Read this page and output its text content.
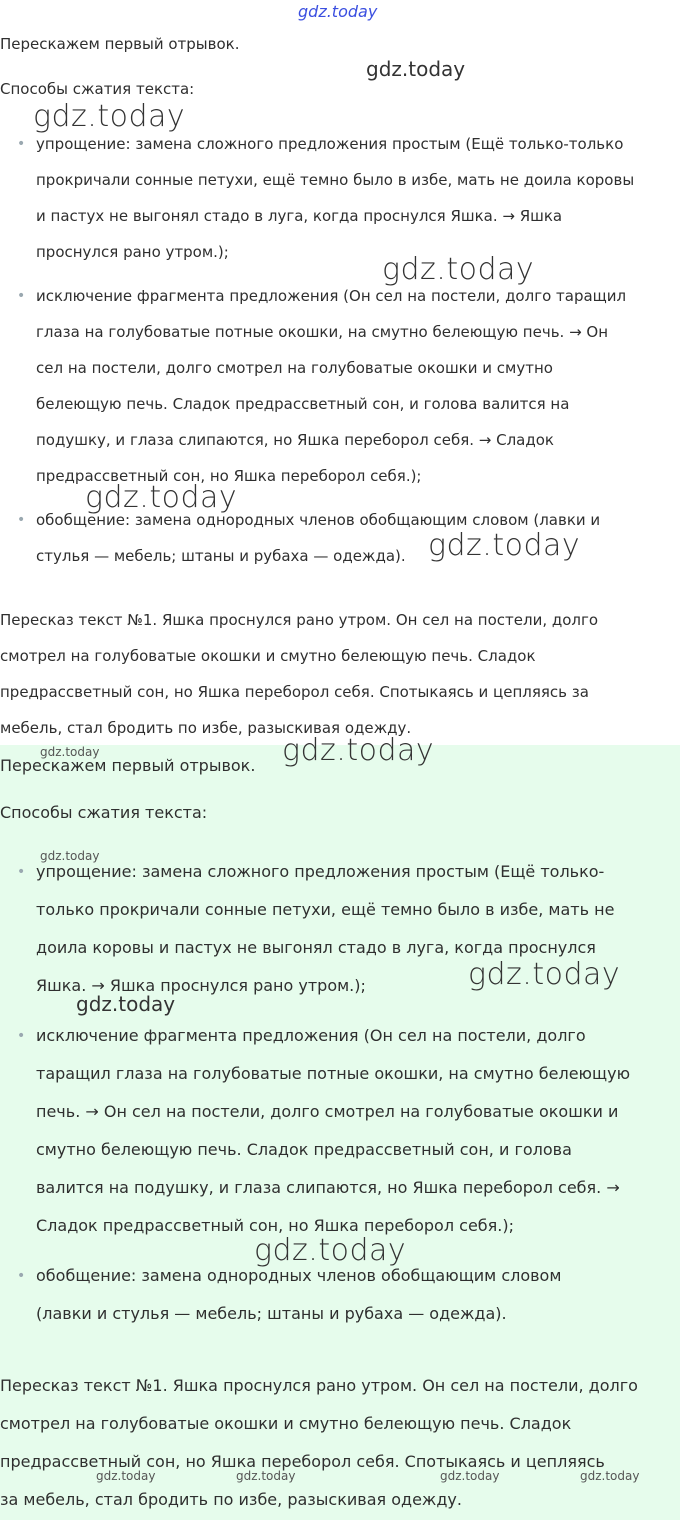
Перескажем первый отрывок.

Способы сжатия текста:

• упрощение: замена сложного предложения простым (Ещё только-только
прокричали сонные петухи, ещё темно было в избе, мать не доила коровы
и пастух не выгонял стадо в луга, когда проснулся Яшка. → Яшка
проснулся рано утром.);
• исключение фрагмента предложения (Он сел на постели, долго таращил
глаза на голубоватые потные окошки, на смутно белеющую печь. → Он
сел на постели, долго смотрел на голубоватые окошки и смутно
белеющую печь. Сладок предрассветный сон, и голова валится на
подушку, и глаза слипаются, но Яшка переборол себя. → Сладок
предрассветный сон, но Яшка переборол себя.);
• обобщение: замена однородных членов обобщающим словом (лавки и
стулья — мебель; штаны и рубаха — одежда).

Пересказ текст №1. Яшка проснулся рано утром. Он сел на постели, долго
смотрел на голубоватые окошки и смутно белеющую печь. Сладок
предрассветный сон, но Яшка переборол себя. Спотыкаясь и цепляясь за
мебель, стал бродить по избе, разыскивая одежду.

gdz.today
gdz.today
gdz.today
gdz.today
gdz.today
gdz.today

Перескажем первый отрывок.

Способы сжатия текста:

• упрощение: замена сложного предложения простым (Ещё только-
только прокричали сонные петухи, ещё темно было в избе, мать не
доила коровы и пастух не выгонял стадо в луга, когда проснулся
Яшка. → Яшка проснулся рано утром.);
• исключение фрагмента предложения (Он сел на постели, долго
таращил глаза на голубоватые потные окошки, на смутно белеющую
печь. → Он сел на постели, долго смотрел на голубоватые окошки и
смутно белеющую печь. Сладок предрассветный сон, и голова
валится на подушку, и глаза слипаются, но Яшка переборол себя. →
Сладок предрассветный сон, но Яшка переборол себя.);
• обобщение: замена однородных членов обобщающим словом
(лавки и стулья — мебель; штаны и рубаха — одежда).

Пересказ текст №1. Яшка проснулся рано утром. Он сел на постели, долго
смотрел на голубоватые окошки и смутно белеющую печь. Сладок
предрассветный сон, но Яшка переборол себя. Спотыкаясь и цепляясь
за мебель, стал бродить по избе, разыскивая одежду.

gdz.today	gdz.today
gdz.today
gdz.today
gdz.today
gdz.today
gdz.today	gdz.today	gdz.today	gdz.today
